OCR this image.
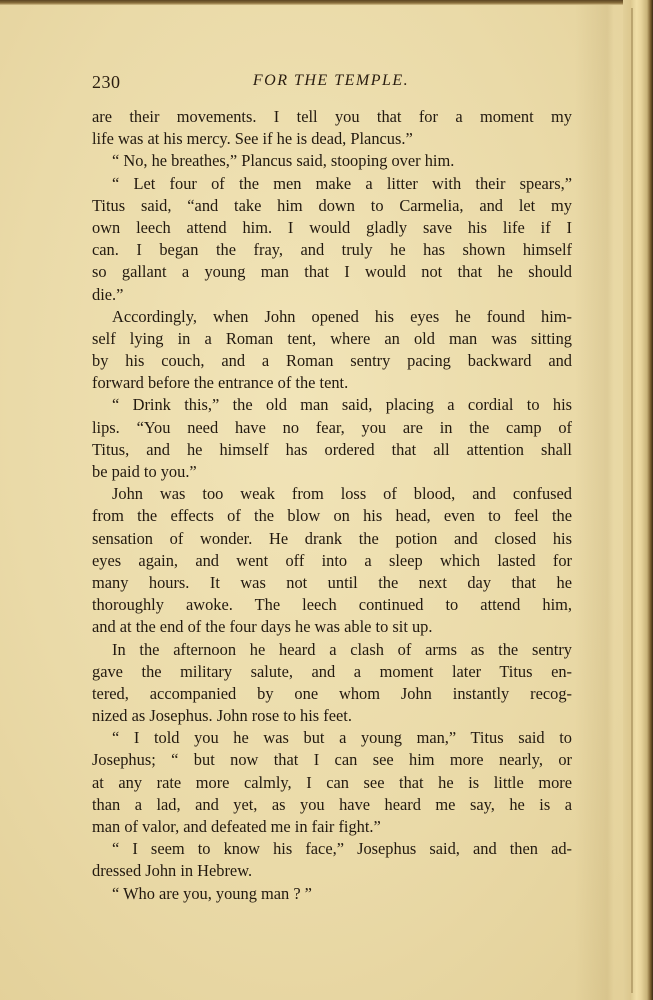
230	FOR THE TEMPLE.
are their movements. I tell you that for a moment my
life was at his mercy. See if he is dead, Plancus.”
“ No, he breathes,” Plancus said, stooping over him.
“ Let four of the men make a litter with their spears,”
Titus said, “and take him down to Carmelia, and let my
own leech attend him. I would gladly save his life if I
can. I began the fray, and truly he has shown himself
so gallant a young man that I would not that he should
die.”
Accordingly, when John opened his eyes he found him-
self lying in a Roman tent, where an old man was sitting
by his couch, and a Roman sentry pacing backward and
forward before the entrance of the tent.
“ Drink this,” the old man said, placing a cordial to his
lips. “You need have no fear, you are in the camp of
Titus, and he himself has ordered that all attention shall
be paid to you.”
John was too weak from loss of blood, and confused
from the effects of the blow on his head, even to feel the
sensation of wonder. He drank the potion and closed his
eyes again, and went off into a sleep which lasted for
many hours. It was not until the next day that he
thoroughly awoke. The leech continued to attend him,
and at the end of the four days he was able to sit up.
In the afternoon he heard a clash of arms as the sentry
gave the military salute, and a moment later Titus en-
tered, accompanied by one whom John instantly recog-
nized as Josephus. John rose to his feet.
“ I told you he was but a young man,” Titus said to
Josephus; “ but now that I can see him more nearly, or
at any rate more calmly, I can see that he is little more
than a lad, and yet, as you have heard me say, he is a
man of valor, and defeated me in fair fight.”
“ I seem to know his face,” Josephus said, and then ad-
dressed John in Hebrew.
“ Who are you, young man ? ”
